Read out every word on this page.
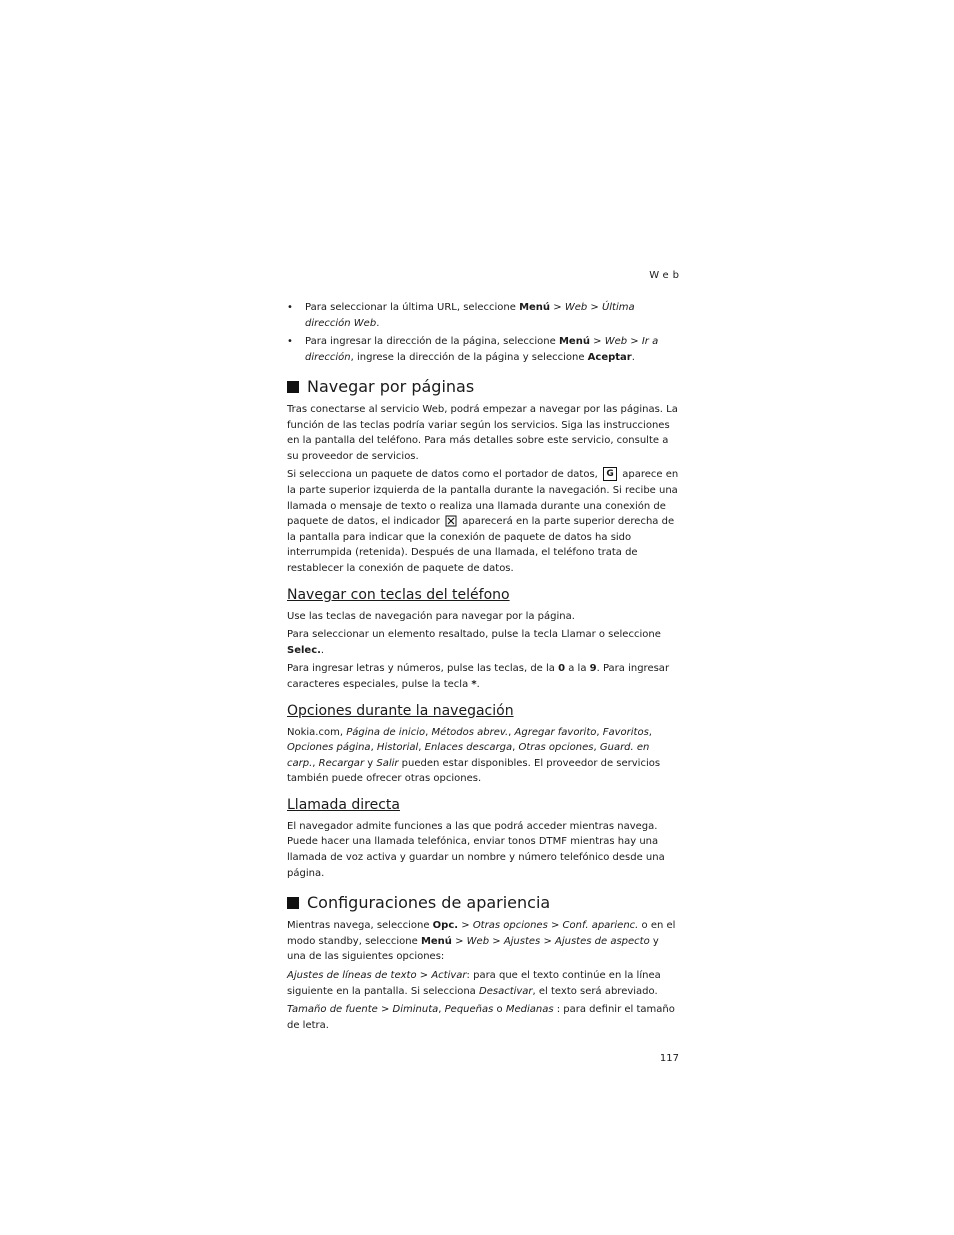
Web
• Para seleccionar la última URL, seleccione Menú > Web > Última dirección Web.
• Para ingresar la dirección de la página, seleccione Menú > Web > Ir a dirección, ingrese la dirección de la página y seleccione Aceptar.
Navegar por páginas

Tras conectarse al servicio Web, podrá empezar a navegar por las páginas. La función de las teclas podría variar según los servicios. Siga las instrucciones en la pantalla del teléfono. Para más detalles sobre este servicio, consulte a su proveedor de servicios.

Si selecciona un paquete de datos como el portador de datos, G aparece en la parte superior izquierda de la pantalla durante la navegación. Si recibe una llamada o mensaje de texto o realiza una llamada durante una conexión de paquete de datos, el indicador aparecerá en la parte superior derecha de la pantalla para indicar que la conexión de paquete de datos ha sido interrumpida (retenida). Después de una llamada, el teléfono trata de restablecer la conexión de paquete de datos.

Navegar con teclas del teléfono

Use las teclas de navegación para navegar por la página.

Para seleccionar un elemento resaltado, pulse la tecla Llamar o seleccione Selec..

Para ingresar letras y números, pulse las teclas, de la 0 a la 9. Para ingresar caracteres especiales, pulse la tecla *.

Opciones durante la navegación

Nokia.com, Página de inicio, Métodos abrev., Agregar favorito, Favoritos, Opciones página, Historial, Enlaces descarga, Otras opciones, Guard. en carp., Recargar y Salir pueden estar disponibles. El proveedor de servicios también puede ofrecer otras opciones.

Llamada directa

El navegador admite funciones a las que podrá acceder mientras navega. Puede hacer una llamada telefónica, enviar tonos DTMF mientras hay una llamada de voz activa y guardar un nombre y número telefónico desde una página.

Configuraciones de apariencia

Mientras navega, seleccione Opc. > Otras opciones > Conf. aparienc. o en el modo standby, seleccione Menú > Web > Ajustes > Ajustes de aspecto y una de las siguientes opciones:

Ajustes de líneas de texto > Activar: para que el texto continúe en la línea siguiente en la pantalla. Si selecciona Desactivar, el texto será abreviado.

Tamaño de fuente > Diminuta, Pequeñas o Medianas : para definir el tamaño de letra.

117
